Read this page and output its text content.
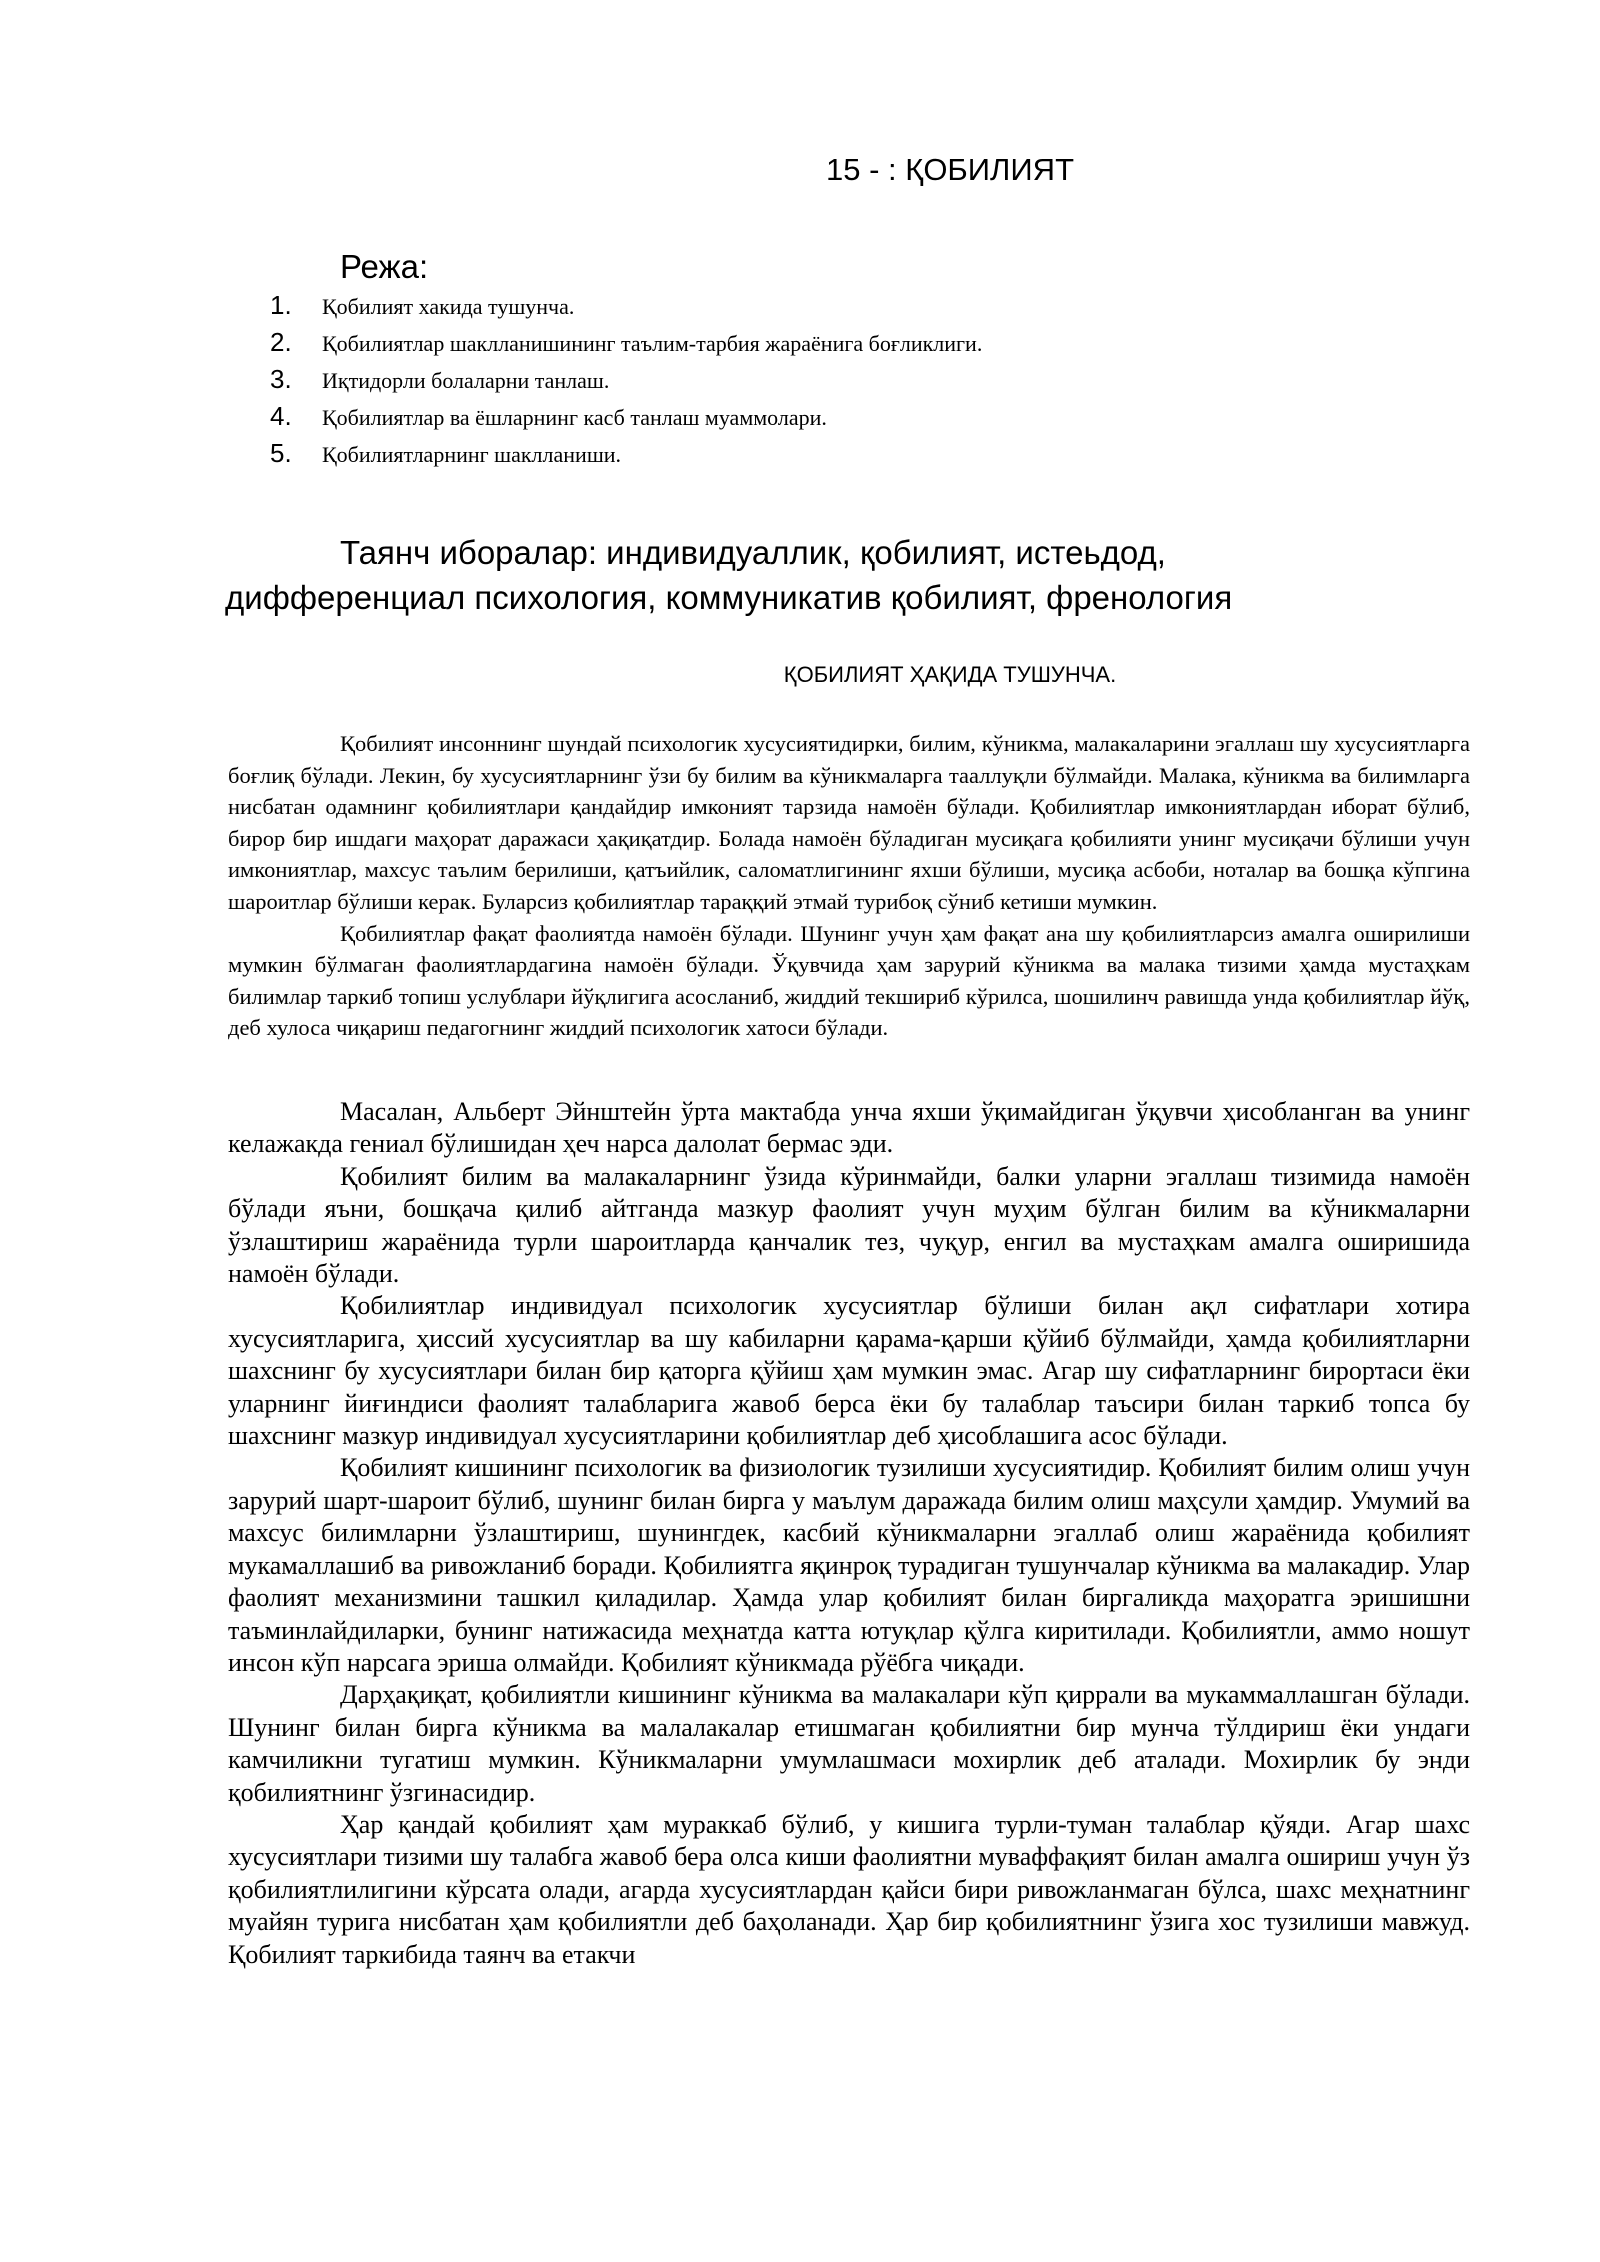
15 - : ҚОБИЛИЯТ
Режа:
1.	Қобилият хакида тушунча.
2.	Қобилиятлар шаклланишининг таълим-тарбия жараёнига боғликлиги.
3.	Иқтидорли болаларни танлаш.
4.	Қобилиятлар ва ёшларнинг касб танлаш муаммолари.
5.	Қобилиятларнинг шаклланиши.
Таянч иборалар: индивидуаллик, қобилият, истеьдод, дифференциал психология, коммуникатив қобилият, френология
ҚОБИЛИЯТ ҲАҚИДА ТУШУНЧА.

Қобилият инсоннинг шундай психологик хусусиятидирки, билим, кўникма, малакаларини эгаллаш шу хусусиятларга боғлиқ бўлади. Лекин, бу хусусиятларнинг ўзи бу билим ва кўникмаларга тааллуқли бўлмайди. Малака, кўникма ва билимларга нисбатан одамнинг қобилиятлари қандайдир имконият тарзида намоён бўлади. Қобилиятлар имкониятлардан иборат бўлиб, бирор бир ишдаги маҳорат даражаси ҳақиқатдир. Болада намоён бўладиган мусиқага қобилияти унинг мусиқачи бўлиши учун имкониятлар, махсус таълим берилиши, қатъийлик, саломатлигининг яхши бўлиши, мусиқа асбоби, ноталар ва бошқа кўпгина шароитлар бўлиши керак. Буларсиз қобилиятлар тараққий этмай турибоқ сўниб кетиши мумкин.

Қобилиятлар фақат фаолиятда намоён бўлади. Шунинг учун ҳам фақат ана шу қобилиятларсиз амалга оширилиши мумкин бўлмаган фаолиятлардагина намоён бўлади. Ўқувчида ҳам зарурий кўникма ва малака тизими ҳамда мустаҳкам билимлар таркиб топиш услублари йўқлигига асосланиб, жиддий текшириб кўрилса, шошилинч равишда унда қобилиятлар йўқ, деб хулоса чиқариш педагогнинг жиддий психологик хатоси бўлади.

Масалан, Альберт Эйнштейн ўрта мактабда унча яхши ўқимайдиган ўқувчи ҳисобланган ва унинг келажакда гениал бўлишидан ҳеч нарса далолат бермас эди.

Қобилият билим ва малакаларнинг ўзида кўринмайди, балки уларни эгаллаш тизимида намоён бўлади яъни, бошқача қилиб айтганда мазкур фаолият учун муҳим бўлган билим ва кўникмаларни ўзлаштириш жараёнида турли шароитларда қанчалик тез, чуқур, енгил ва мустаҳкам амалга оширишида намоён бўлади.

Қобилиятлар индивидуал психологик хусусиятлар бўлиши билан ақл сифатлари хотира хусусиятларига, ҳиссий хусусиятлар ва шу кабиларни қарама-қарши қўйиб бўлмайди, ҳамда қобилиятларни шахснинг бу хусусиятлари билан бир қаторга қўйиш ҳам мумкин эмас. Агар шу сифатларнинг бирортаси ёки уларнинг йиғиндиси фаолият талабларига жавоб берса ёки бу талаблар таъсири билан таркиб топса бу шахснинг мазкур индивидуал хусусиятларини қобилиятлар деб ҳисоблашига асос бўлади.

Қобилият кишининг психологик ва физиологик тузилиши хусусиятидир. Қобилият билим олиш учун зарурий шарт-шароит бўлиб, шунинг билан бирга у маълум даражада билим олиш маҳсули ҳамдир. Умумий ва махсус билимларни ўзлаштириш, шунингдек, касбий кўникмаларни эгаллаб олиш жараёнида қобилият мукамаллашиб ва ривожланиб боради. Қобилиятга яқинроқ турадиган тушунчалар кўникма ва малакадир. Улар фаолият механизмини ташкил қиладилар. Ҳамда улар қобилият билан биргаликда маҳоратга эришишни таъминлайдиларки, бунинг натижасида меҳнатда катта ютуқлар қўлга киритилади. Қобилиятли, аммо ношут инсон кўп нарсага эриша олмайди. Қобилият кўникмада рўёбга чиқади.

Дарҳақиқат, қобилиятли кишининг кўникма ва малакалари кўп қиррали ва мукаммаллашган бўлади. Шунинг билан бирга кўникма ва малалакалар етишмаган қобилиятни бир мунча тўлдириш ёки ундаги камчиликни тугатиш мумкин. Кўникмаларни умумлашмаси мохирлик деб аталади. Мохирлик бу энди қобилиятнинг ўзгинасидир.

Ҳар қандай қобилият ҳам мураккаб бўлиб, у кишига турли-туман талаблар қўяди. Агар шахс хусусиятлари тизими шу талабга жавоб бера олса киши фаолиятни муваффақият билан амалга ошириш учун ўз қобилиятлилигини кўрсата олади, агарда хусусиятлардан қайси бири ривожланмаган бўлса, шахс меҳнатнинг муайян турига нисбатан ҳам қобилиятли деб баҳоланади. Ҳар бир қобилиятнинг ўзига хос тузилиши мавжуд. Қобилият таркибида таянч ва етакчи
